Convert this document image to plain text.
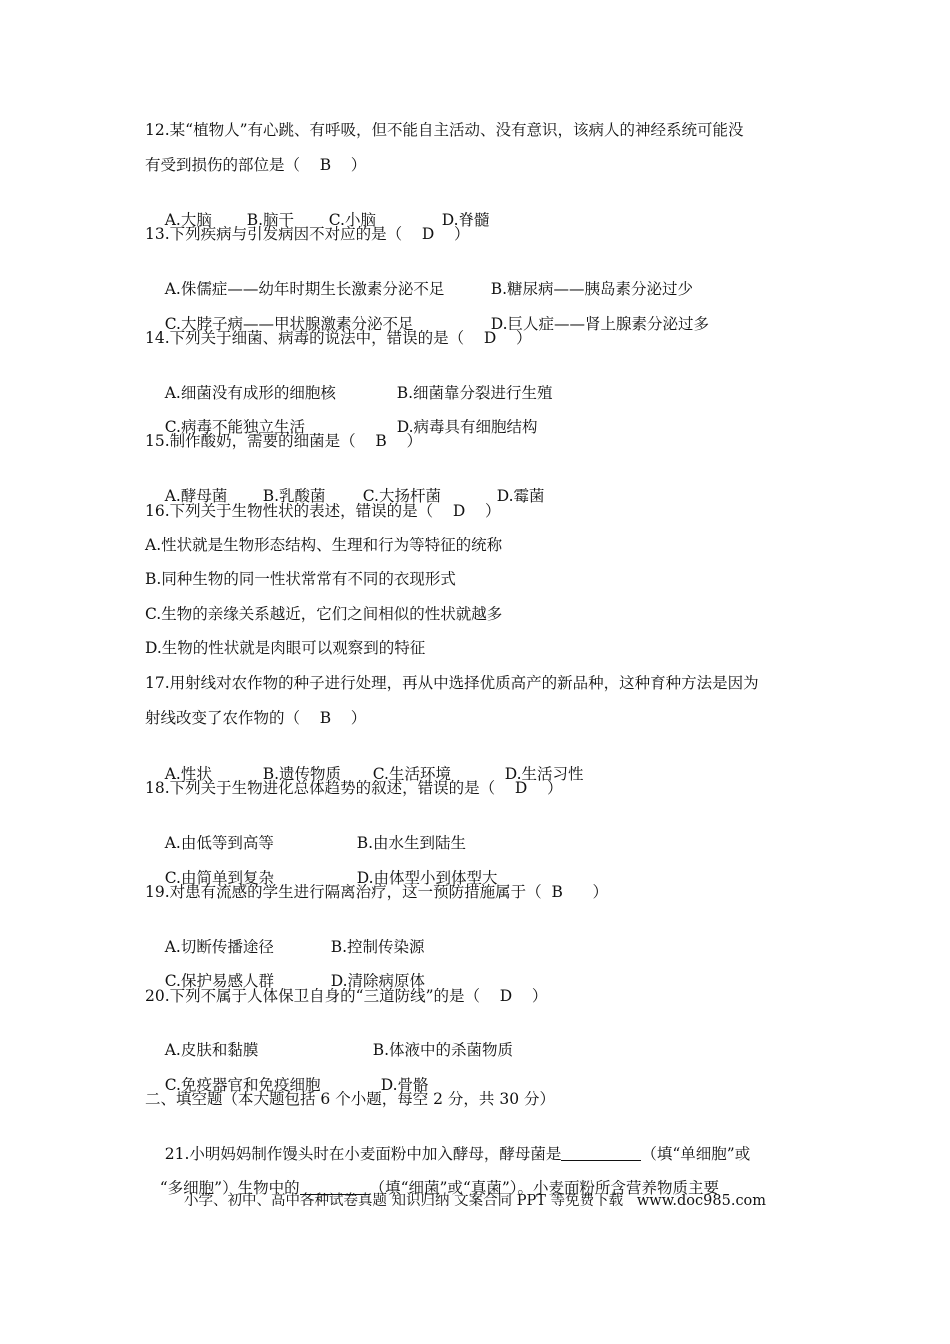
12.某“植物人”有心跳、有呼吸，但不能自主活动、没有意识，该病人的神经系统可能没
有受到损伤的部位是（    B    ）

A.大脑 B.脑干 C.小脑	D.脊髓

13.下列疾病与引发病因不对应的是（    D    ）

A.侏儒症——幼年时期生长激素分泌不足	B.糖尿病——胰岛素分泌过少

C.大脖子病——甲状腺激素分泌不足	D.巨人症——肾上腺素分泌过多

14.下列关于细菌、病毒的说法中，错误的是（    D    ）

A.细菌没有成形的细胞核	B.细菌靠分裂进行生殖

C.病毒不能独立生活	D.病毒具有细胞结构

15.制作酸奶，需要的细菌是（    B    ）

A.酵母菌 B.乳酸菌 C.大扬杆菌	D.霉菌

16.下列关于生物性状的表述，错误的是（    D    ）
A.性状就是生物形态结构、生理和行为等特征的统称
B.同种生物的同一性状常常有不同的衣现形式
C.生物的亲缘关系越近，它们之间相似的性状就越多
D.生物的性状就是肉眼可以观察到的特征
17.用射线对农作物的种子进行处理，再从中选择优质高产的新品种，这种育种方法是因为
射线改变了农作物的（    B    ）

A.性状	B.遗传物质 C.生活环境	D.生活习性

18.下列关于生物进化总体趋势的叙述，错误的是（    D    ）

A.由低等到高等	B.由水生到陆生

C.由简单到复杂	D.由体型小到体型大

19.对患有流感的学生进行隔离治疗，这一预防措施属于（  B      ）

A.切断传播途径	B.控制传染源

C.保护易感人群	D.清除病原体

20.下列不属于人体保卫自身的“三道防线”的是（    D    ）

A.皮肤和黏膜	B.体液中的杀菌物质

C.免疫器官和免疫细胞	D.骨骼

二、填空题（本大题包括 6 个小题，每空 2 分，共 30 分）

21.小明妈妈制作馒头时在小麦面粉中加入酵母，酵母菌是	（填“单细胞”或

“多细胞”）生物中的	（填“细菌”或“真菌”）。小麦面粉所含营养物质主要

小学、初中、高中各种试卷真题 知识归纳 文案合同 PPT 等免费下载   www.doc985.com
